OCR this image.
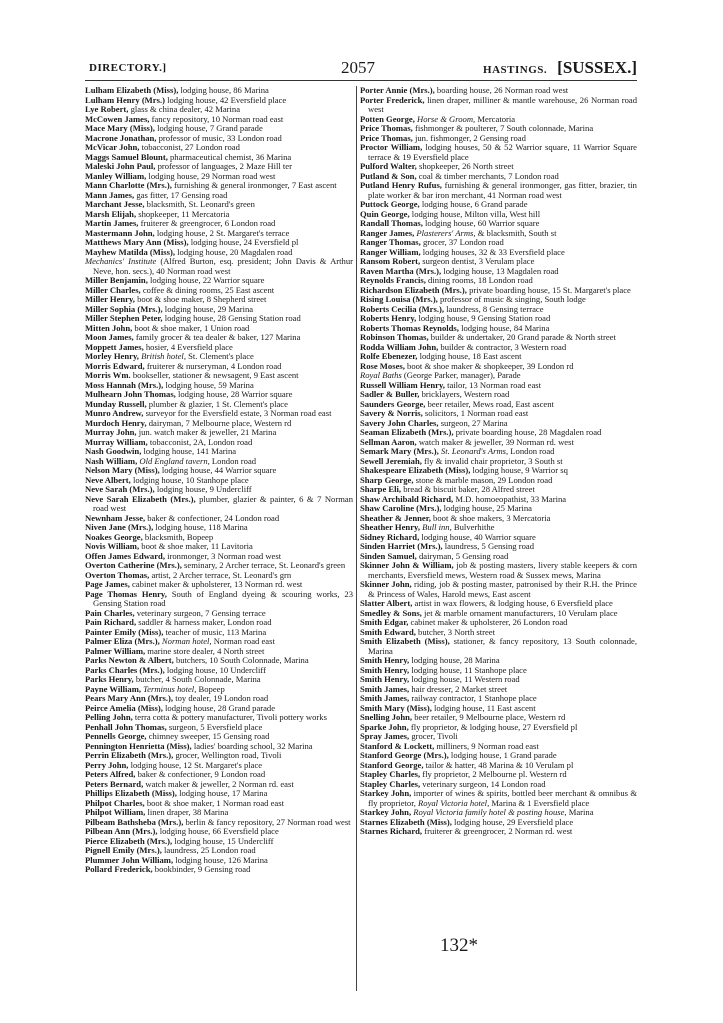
DIRECTORY.]	2057	HASTINGS. [SUSSEX.]
Lulham Elizabeth (Miss), lodging house, 86 Marina
Lulham Henry (Mrs.) lodging house, 42 Eversfield place
Lye Robert, glass & china dealer, 42 Marina
McCowen James, fancy repository, 10 Norman road east
Mace Mary (Miss), lodging house, 7 Grand parade
Macrone Jonathan, professor of music, 33 London road
McVicar John, tobacconist, 27 London road
Maggs Samuel Blount, pharmaceutical chemist, 36 Marina
Maleski John Paul, professor of languages, 2 Maze Hill ter
Manley William, lodging house, 29 Norman road west
Mann Charlotte (Mrs.), furnishing & general ironmonger, 7 East ascent
Mann James, gas fitter, 17 Gensing road
Marchant Jesse, blacksmith, St. Leonard's green
Marsh Elijah, shopkeeper, 11 Mercatoria
Martin James, fruiterer & greengrocer, 6 London road
Mastermann John, lodging house, 2 St. Margaret's terrace
Matthews Mary Ann (Miss), lodging house, 24 Eversfield pl
Mayhew Matilda (Miss), lodging house, 20 Magdalen road
Mechanics' Institute (Alfred Burton, esq. president; John Davis & Arthur Neve, hon. secs.), 40 Norman road west
Miller Benjamin, lodging house, 22 Warrior square
Miller Charles, coffee & dining rooms, 25 East ascent
Miller Henry, boot & shoe maker, 8 Shepherd street
Miller Sophia (Mrs.), lodging house, 29 Marina
Miller Stephen Peter, lodging house, 28 Gensing Station road
Mitten John, boot & shoe maker, 1 Union road
Moon James, family grocer & tea dealer & baker, 127 Marina
Moppett James, hosier, 4 Eversfield place
Morley Henry, British hotel, St. Clement's place
Morris Edward, fruiterer & nurseryman, 4 London road
Morris Wm. bookseller, stationer & newsagent, 9 East ascent
Moss Hannah (Mrs.), lodging house, 59 Marina
Mulhearn John Thomas, lodging house, 28 Warrior square
Munday Russell, plumber & glazier, 1 St. Clement's place
Munro Andrew, surveyor for the Eversfield estate, 3 Norman road east
Murdoch Henry, dairyman, 7 Melbourne place, Western rd
Murray John, jun. watch maker & jeweller, 21 Marina
Murray William, tobacconist, 2A, London road
Nash Goodwin, lodging house, 141 Marina
Nash William, Old England tavern, London road
Nelson Mary (Miss), lodging house, 44 Warrior square
Neve Albert, lodging house, 10 Stanhope place
Neve Sarah (Mrs.), lodging house, 9 Undercliff
Neve Sarah Elizabeth (Mrs.), plumber, glazier & painter, 6 & 7 Norman road west
Newnham Jesse, baker & confectioner, 24 London road
Niven Jane (Mrs.), lodging house, 118 Marina
Noakes George, blacksmith, Bopeep
Novis William, boot & shoe maker, 11 Lavitoria
Offen James Edward, ironmonger, 3 Norman road west
Overton Catherine (Mrs.), seminary, 2 Archer terrace, St. Leonard's green
Overton Thomas, artist, 2 Archer terrace, St. Leonard's grn
Page James, cabinet maker & upholsterer, 13 Norman rd. west
Page Thomas Henry, South of England dyeing & scouring works, 23 Gensing Station road
Pain Charles, veterinary surgeon, 7 Gensing terrace
Pain Richard, saddler & harness maker, London road
Painter Emily (Miss), teacher of music, 113 Marina
Palmer Eliza (Mrs.), Norman hotel, Norman road east
Palmer William, marine store dealer, 4 North street
Parks Newton & Albert, butchers, 10 South Colonnade, Marina
Parks Charles (Mrs.), lodging house, 10 Undercliff
Parks Henry, butcher, 4 South Colonnade, Marina
Payne William, Terminus hotel, Bopeep
Pears Mary Ann (Mrs.), toy dealer, 19 London road
Peirce Amelia (Miss), lodging house, 28 Grand parade
Pelling John, terra cotta & pottery manufacturer, Tivoli pottery works
Penhall John Thomas, surgeon, 5 Eversfield place
Pennells George, chimney sweeper, 15 Gensing road
Pennington Henrietta (Miss), ladies' boarding school, 32 Marina
Perrin Elizabeth (Mrs.), grocer, Wellington road, Tivoli
Perry John, lodging house, 12 St. Margaret's place
Peters Alfred, baker & confectioner, 9 London road
Peters Bernard, watch maker & jeweller, 2 Norman rd. east
Phillips Elizabeth (Miss), lodging house, 17 Marina
Philpot Charles, boot & shoe maker, 1 Norman road east
Philpot William, linen draper, 38 Marina
Pilbeam Bathsheba (Mrs.), berlin & fancy repository, 27 Norman road west
Pilbean Ann (Mrs.), lodging house, 66 Eversfield place
Pierce Elizabeth (Mrs.), lodging house, 15 Undercliff
Pignell Emily (Mrs.), laundress, 25 London road
Plummer John William, lodging house, 126 Marina
Pollard Frederick, bookbinder, 9 Gensing road
Porter Annie (Mrs.), boarding house, 26 Norman road west
Porter Frederick, linen draper, milliner & mantle warehouse, 26 Norman road west
Potten George, Horse & Groom, Mercatoria
Price Thomas, fishmonger & poulterer, 7 South colonnade, Marina
Price Thomas, jun. fishmonger, 2 Gensing road
Proctor William, lodging houses, 50 & 52 Warrior square, 11 Warrior Square terrace & 19 Eversfield place
Pulford Walter, shopkeeper, 26 North street
Putland & Son, coal & timber merchants, 7 London road
Putland Henry Rufus, furnishing & general ironmonger, gas fitter, brazier, tin plate worker & bar iron merchant, 41 Norman road west
Puttock George, lodging house, 6 Grand parade
Quin George, lodging house, Milton villa, West hill
Randall Thomas, lodging house, 60 Warrior square
Ranger James, Plasterers' Arms, & blacksmith, South st
Ranger Thomas, grocer, 37 London road
Ranger William, lodging houses, 32 & 33 Eversfield place
Ransom Robert, surgeon dentist, 3 Verulam place
Raven Martha (Mrs.), lodging house, 13 Magdalen road
Reynolds Francis, dining rooms, 18 London road
Richardson Elizabeth (Mrs.), private boarding house, 15 St. Margaret's place
Rising Louisa (Mrs.), professor of music & singing, South lodge
Roberts Cecilia (Mrs.), laundress, 8 Gensing terrace
Roberts Henry, lodging house, 9 Gensing Station road
Roberts Thomas Reynolds, lodging house, 84 Marina
Robinson Thomas, builder & undertaker, 20 Grand parade & North street
Rodda William John, builder & contractor, 3 Western road
Rolfe Ebenezer, lodging house, 18 East ascent
Rose Moses, boot & shoe maker & shopkeeper, 39 London rd
Royal Baths (George Parker, manager), Parade
Russell William Henry, tailor, 13 Norman road east
Sadler & Buller, bricklayers, Western road
Saunders George, beer retailer, Mews road, East ascent
Savery & Norris, solicitors, 1 Norman road east
Savery John Charles, surgeon, 27 Marina
Seaman Elizabeth (Mrs.), private boarding house, 28 Magdalen road
Sellman Aaron, watch maker & jeweller, 39 Norman rd. west
Semark Mary (Mrs.), St. Leonard's Arms, London road
Sewell Jeremiah, fly & invalid chair proprietor, 3 South st
Shakespeare Elizabeth (Miss), lodging house, 9 Warrior sq
Sharp George, stone & marble mason, 29 London road
Sharpe Eli, bread & biscuit baker, 28 Alfred street
Shaw Archibald Richard, M.D. homoeopathist, 33 Marina
Shaw Caroline (Mrs.), lodging house, 25 Marina
Sheather & Jenner, boot & shoe makers, 3 Mercatoria
Sheather Henry, Bull inn, Bulverhithe
Sidney Richard, lodging house, 40 Warrior square
Sinden Harriet (Mrs.), laundress, 5 Gensing road
Sinden Samuel, dairyman, 5 Gensing road
Skinner John & William, job & posting masters, livery stable keepers & corn merchants, Eversfield mews, Western road & Sussex mews, Marina
Skinner John, riding, job & posting master, patronised by their R.H. the Prince & Princess of Wales, Harold mews, East ascent
Slatter Albert, artist in wax flowers, & lodging house, 6 Eversfield place
Smedley & Sons, jet & marble ornament manufacturers, 10 Verulam place
Smith Edgar, cabinet maker & upholsterer, 26 London road
Smith Edward, butcher, 3 North street
Smith Elizabeth (Miss), stationer, & fancy repository, 13 South colonnade, Marina
Smith Henry, lodging house, 28 Marina
Smith Henry, lodging house, 11 Stanhope place
Smith Henry, lodging house, 11 Western road
Smith James, hair dresser, 2 Market street
Smith James, railway contractor, 1 Stanhope place
Smith Mary (Miss), lodging house, 11 East ascent
Snelling John, beer retailer, 9 Melbourne place, Western rd
Sparke John, fly proprietor, & lodging house, 27 Eversfield pl
Spray James, grocer, Tivoli
Stanford & Lockett, milliners, 9 Norman road east
Stanford George (Mrs.), lodging house, 1 Grand parade
Stanford George, tailor & hatter, 48 Marina & 10 Verulam pl
Stapley Charles, fly proprietor, 2 Melbourne pl. Western rd
Stapley Charles, veterinary surgeon, 14 London road
Starkey John, importer of wines & spirits, bottled beer merchant & omnibus & fly proprietor, Royal Victoria hotel, Marina & 1 Eversfield place
Starkey John, Royal Victoria family hotel & posting house, Marina
Starnes Elizabeth (Miss), lodging house, 29 Eversfield place
Starnes Richard, fruiterer & greengrocer, 2 Norman rd. west
132*
